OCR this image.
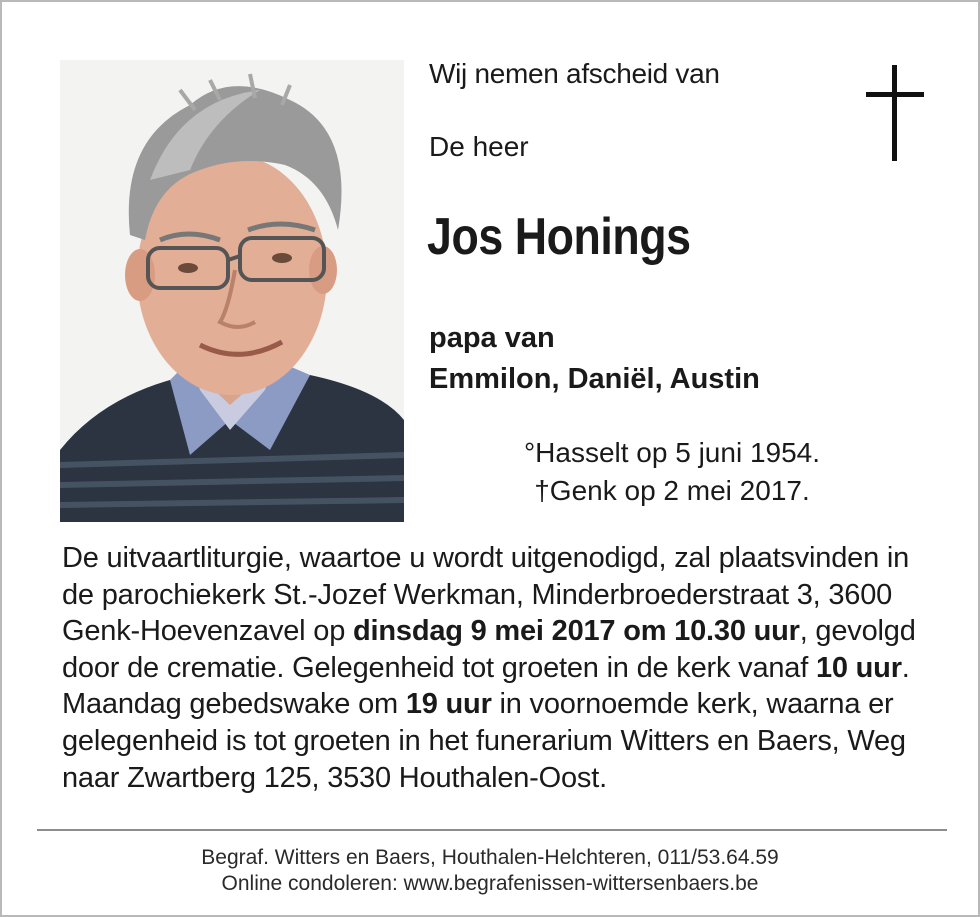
Wij nemen afscheid van
De heer
Jos Honings
papa van
Emmilon, Daniël, Austin
°Hasselt op 5 juni 1954.
†Genk op 2 mei 2017.
De uitvaartliturgie, waartoe u wordt uitgenodigd, zal plaatsvinden in de parochiekerk St.-Jozef Werkman, Minderbroederstraat 3, 3600 Genk-Hoevenzavel op dinsdag 9 mei 2017 om 10.30 uur, gevolgd door de crematie. Gelegenheid tot groeten in de kerk vanaf 10 uur. Maandag gebedswake om 19 uur in voornoemde kerk, waarna er gelegenheid is tot groeten in het funerarium Witters en Baers, Weg naar Zwartberg 125, 3530 Houthalen-Oost.
Begraf. Witters en Baers, Houthalen-Helchteren, 011/53.64.59
Online condoleren: www.begrafenissen-wittersenbaers.be
